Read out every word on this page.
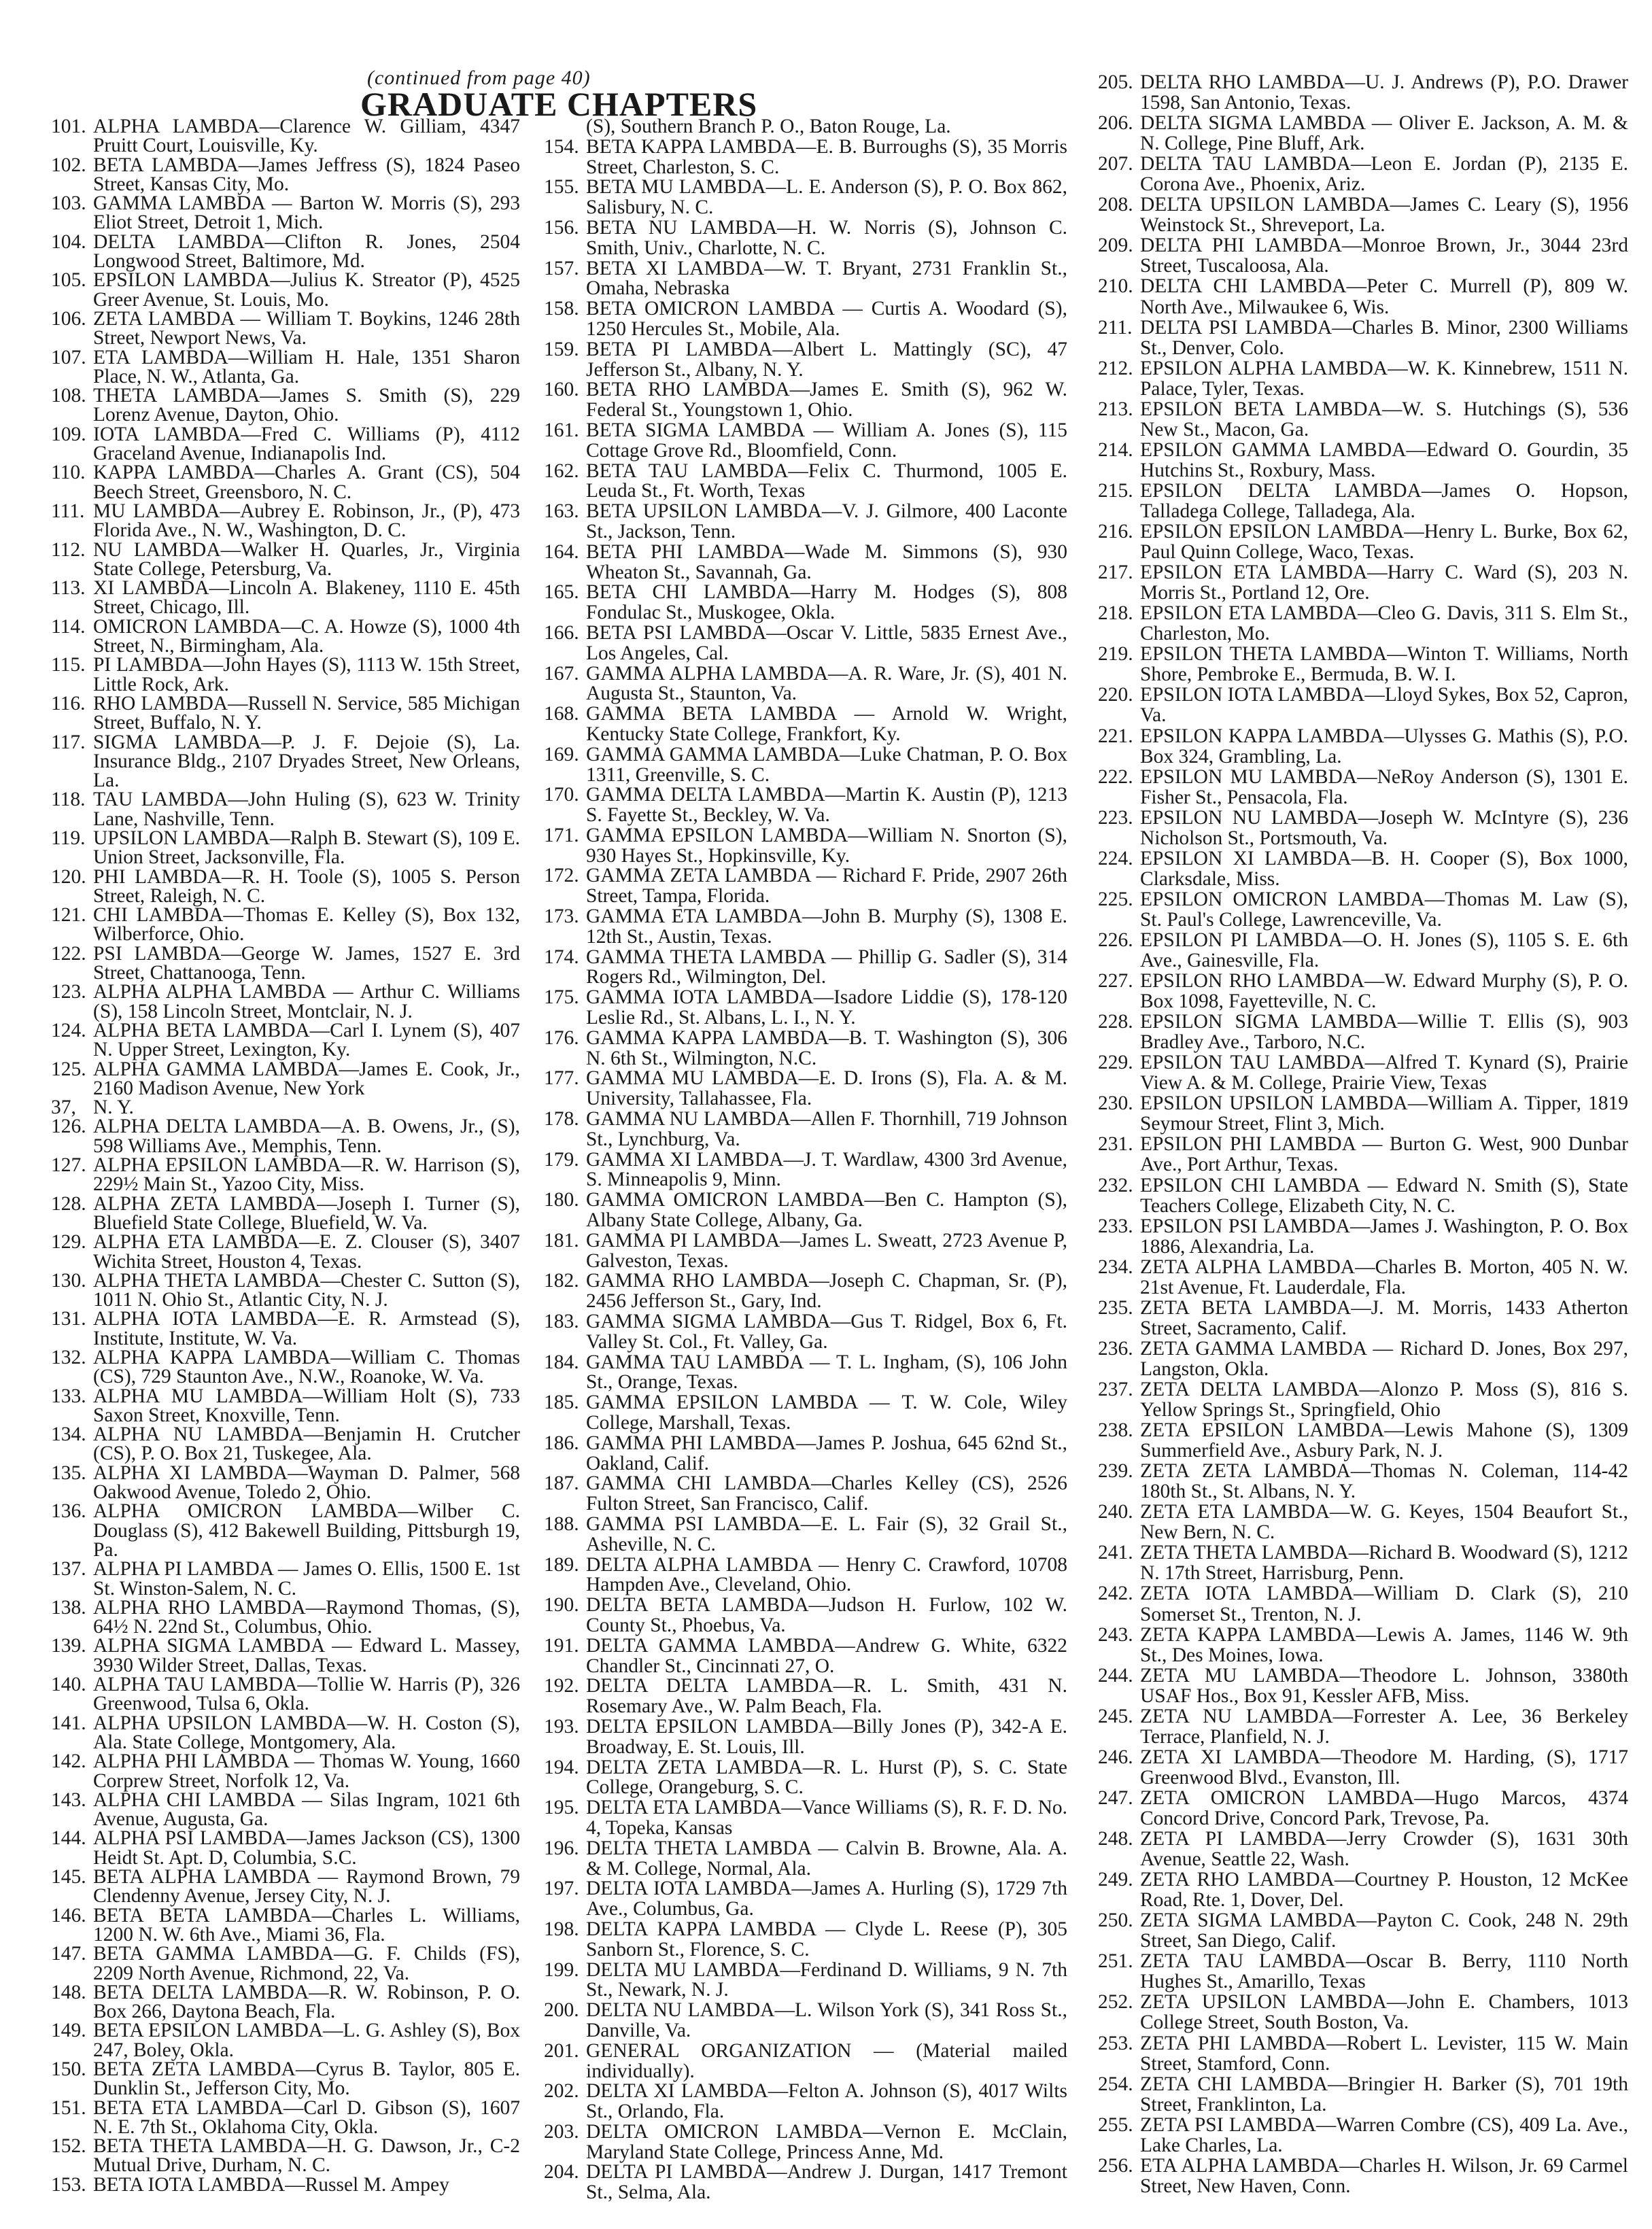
(continued from page 40)
GRADUATE CHAPTERS
101. ALPHA LAMBDA—Clarence W. Gilliam, 4347 Pruitt Court, Louisville, Ky.
102. BETA LAMBDA—James Jeffress (S), 1824 Paseo Street, Kansas City, Mo.
103. GAMMA LAMBDA — Barton W. Morris (S), 293 Eliot Street, Detroit 1, Mich.
104. DELTA LAMBDA—Clifton R. Jones, 2504 Longwood Street, Baltimore, Md.
105. EPSILON LAMBDA—Julius K. Streator (P), 4525 Greer Avenue, St. Louis, Mo.
106. ZETA LAMBDA — William T. Boykins, 1246 28th Street, Newport News, Va.
107. ETA LAMBDA—William H. Hale, 1351 Sharon Place, N. W., Atlanta, Ga.
108. THETA LAMBDA—James S. Smith (S), 229 Lorenz Avenue, Dayton, Ohio.
109. IOTA LAMBDA—Fred C. Williams (P), 4112 Graceland Avenue, Indianapolis Ind.
110. KAPPA LAMBDA—Charles A. Grant (CS), 504 Beech Street, Greensboro, N. C.
111. MU LAMBDA—Aubrey E. Robinson, Jr., (P), 473 Florida Ave., N. W., Washington, D. C.
112. NU LAMBDA—Walker H. Quarles, Jr., Virginia State College, Petersburg, Va.
113. XI LAMBDA—Lincoln A. Blakeney, 1110 E. 45th Street, Chicago, Ill.
114. OMICRON LAMBDA—C. A. Howze (S), 1000 4th Street, N., Birmingham, Ala.
115. PI LAMBDA—John Hayes (S), 1113 W. 15th Street, Little Rock, Ark.
116. RHO LAMBDA—Russell N. Service, 585 Michigan Street, Buffalo, N. Y.
117. SIGMA LAMBDA—P. J. F. Dejoie (S), La. Insurance Bldg., 2107 Dryades Street, New Orleans, La.
118. TAU LAMBDA—John Huling (S), 623 W. Trinity Lane, Nashville, Tenn.
119. UPSILON LAMBDA—Ralph B. Stewart (S), 109 E. Union Street, Jacksonville, Fla.
120. PHI LAMBDA—R. H. Toole (S), 1005 S. Person Street, Raleigh, N. C.
121. CHI LAMBDA—Thomas E. Kelley (S), Box 132, Wilberforce, Ohio.
122. PSI LAMBDA—George W. James, 1527 E. 3rd Street, Chattanooga, Tenn.
123. ALPHA ALPHA LAMBDA — Arthur C. Williams (S), 158 Lincoln Street, Montclair, N. J.
124. ALPHA BETA LAMBDA—Carl I. Lynem (S), 407 N. Upper Street, Lexington, Ky.
125. ALPHA GAMMA LAMBDA—James E. Cook, Jr., 2160 Madison Avenue, New York
37, N. Y.
126. ALPHA DELTA LAMBDA—A. B. Owens, Jr., (S), 598 Williams Ave., Memphis, Tenn.
127. ALPHA EPSILON LAMBDA—R. W. Harrison (S), 229½ Main St., Yazoo City, Miss.
128. ALPHA ZETA LAMBDA—Joseph I. Turner (S), Bluefield State College, Bluefield, W. Va.
129. ALPHA ETA LAMBDA—E. Z. Clouser (S), 3407 Wichita Street, Houston 4, Texas.
130. ALPHA THETA LAMBDA—Chester C. Sutton (S), 1011 N. Ohio St., Atlantic City, N. J.
131. ALPHA IOTA LAMBDA—E. R. Armstead (S), Institute, Institute, W. Va.
132. ALPHA KAPPA LAMBDA—William C. Thomas (CS), 729 Staunton Ave., N.W., Roanoke, W. Va.
133. ALPHA MU LAMBDA—William Holt (S), 733 Saxon Street, Knoxville, Tenn.
134. ALPHA NU LAMBDA—Benjamin H. Crutcher (CS), P. O. Box 21, Tuskegee, Ala.
135. ALPHA XI LAMBDA—Wayman D. Palmer, 568 Oakwood Avenue, Toledo 2, Ohio.
136. ALPHA OMICRON LAMBDA—Wilber C. Douglass (S), 412 Bakewell Building, Pittsburgh 19, Pa.
137. ALPHA PI LAMBDA — James O. Ellis, 1500 E. 1st St. Winston-Salem, N. C.
138. ALPHA RHO LAMBDA—Raymond Thomas, (S), 64½ N. 22nd St., Columbus, Ohio.
139. ALPHA SIGMA LAMBDA — Edward L. Massey, 3930 Wilder Street, Dallas, Texas.
140. ALPHA TAU LAMBDA—Tollie W. Harris (P), 326 Greenwood, Tulsa 6, Okla.
141. ALPHA UPSILON LAMBDA—W. H. Coston (S), Ala. State College, Montgomery, Ala.
142. ALPHA PHI LAMBDA — Thomas W. Young, 1660 Corprew Street, Norfolk 12, Va.
143. ALPHA CHI LAMBDA — Silas Ingram, 1021 6th Avenue, Augusta, Ga.
144. ALPHA PSI LAMBDA—James Jackson (CS), 1300 Heidt St. Apt. D, Columbia, S.C.
145. BETA ALPHA LAMBDA — Raymond Brown, 79 Clendenny Avenue, Jersey City, N. J.
146. BETA BETA LAMBDA—Charles L. Williams, 1200 N. W. 6th Ave., Miami 36, Fla.
147. BETA GAMMA LAMBDA—G. F. Childs (FS), 2209 North Avenue, Richmond, 22, Va.
148. BETA DELTA LAMBDA—R. W. Robinson, P. O. Box 266, Daytona Beach, Fla.
149. BETA EPSILON LAMBDA—L. G. Ashley (S), Box 247, Boley, Okla.
150. BETA ZETA LAMBDA—Cyrus B. Taylor, 805 E. Dunklin St., Jefferson City, Mo.
151. BETA ETA LAMBDA—Carl D. Gibson (S), 1607 N. E. 7th St., Oklahoma City, Okla.
152. BETA THETA LAMBDA—H. G. Dawson, Jr., C-2 Mutual Drive, Durham, N. C.
153. BETA IOTA LAMBDA—Russel M. Ampey
(S), Southern Branch P. O., Baton Rouge, La.
154. BETA KAPPA LAMBDA—E. B. Burroughs (S), 35 Morris Street, Charleston, S. C.
155. BETA MU LAMBDA—L. E. Anderson (S), P. O. Box 862, Salisbury, N. C.
156. BETA NU LAMBDA—H. W. Norris (S), Johnson C. Smith, Univ., Charlotte, N. C.
157. BETA XI LAMBDA—W. T. Bryant, 2731 Franklin St., Omaha, Nebraska
158. BETA OMICRON LAMBDA — Curtis A. Woodard (S), 1250 Hercules St., Mobile, Ala.
159. BETA PI LAMBDA—Albert L. Mattingly (SC), 47 Jefferson St., Albany, N. Y.
160. BETA RHO LAMBDA—James E. Smith (S), 962 W. Federal St., Youngstown 1, Ohio.
161. BETA SIGMA LAMBDA — William A. Jones (S), 115 Cottage Grove Rd., Bloomfield, Conn.
162. BETA TAU LAMBDA—Felix C. Thurmond, 1005 E. Leuda St., Ft. Worth, Texas
163. BETA UPSILON LAMBDA—V. J. Gilmore, 400 Laconte St., Jackson, Tenn.
164. BETA PHI LAMBDA—Wade M. Simmons (S), 930 Wheaton St., Savannah, Ga.
165. BETA CHI LAMBDA—Harry M. Hodges (S), 808 Fondulac St., Muskogee, Okla.
166. BETA PSI LAMBDA—Oscar V. Little, 5835 Ernest Ave., Los Angeles, Cal.
167. GAMMA ALPHA LAMBDA—A. R. Ware, Jr. (S), 401 N. Augusta St., Staunton, Va.
168. GAMMA BETA LAMBDA — Arnold W. Wright, Kentucky State College, Frankfort, Ky.
169. GAMMA GAMMA LAMBDA—Luke Chatman, P. O. Box 1311, Greenville, S. C.
170. GAMMA DELTA LAMBDA—Martin K. Austin (P), 1213 S. Fayette St., Beckley, W. Va.
171. GAMMA EPSILON LAMBDA—William N. Snorton (S), 930 Hayes St., Hopkinsville, Ky.
172. GAMMA ZETA LAMBDA — Richard F. Pride, 2907 26th Street, Tampa, Florida.
173. GAMMA ETA LAMBDA—John B. Murphy (S), 1308 E. 12th St., Austin, Texas.
174. GAMMA THETA LAMBDA — Phillip G. Sadler (S), 314 Rogers Rd., Wilmington, Del.
175. GAMMA IOTA LAMBDA—Isadore Liddie (S), 178-120 Leslie Rd., St. Albans, L. I., N. Y.
176. GAMMA KAPPA LAMBDA—B. T. Washington (S), 306 N. 6th St., Wilmington, N.C.
177. GAMMA MU LAMBDA—E. D. Irons (S), Fla. A. & M. University, Tallahassee, Fla.
178. GAMMA NU LAMBDA—Allen F. Thornhill, 719 Johnson St., Lynchburg, Va.
179. GAMMA XI LAMBDA—J. T. Wardlaw, 4300 3rd Avenue, S. Minneapolis 9, Minn.
180. GAMMA OMICRON LAMBDA—Ben C. Hampton (S), Albany State College, Albany, Ga.
181. GAMMA PI LAMBDA—James L. Sweatt, 2723 Avenue P, Galveston, Texas.
182. GAMMA RHO LAMBDA—Joseph C. Chapman, Sr. (P), 2456 Jefferson St., Gary, Ind.
183. GAMMA SIGMA LAMBDA—Gus T. Ridgel, Box 6, Ft. Valley St. Col., Ft. Valley, Ga.
184. GAMMA TAU LAMBDA — T. L. Ingham, (S), 106 John St., Orange, Texas.
185. GAMMA EPSILON LAMBDA — T. W. Cole, Wiley College, Marshall, Texas.
186. GAMMA PHI LAMBDA—James P. Joshua, 645 62nd St., Oakland, Calif.
187. GAMMA CHI LAMBDA—Charles Kelley (CS), 2526 Fulton Street, San Francisco, Calif.
188. GAMMA PSI LAMBDA—E. L. Fair (S), 32 Grail St., Asheville, N. C.
189. DELTA ALPHA LAMBDA — Henry C. Crawford, 10708 Hampden Ave., Cleveland, Ohio.
190. DELTA BETA LAMBDA—Judson H. Furlow, 102 W. County St., Phoebus, Va.
191. DELTA GAMMA LAMBDA—Andrew G. White, 6322 Chandler St., Cincinnati 27, O.
192. DELTA DELTA LAMBDA—R. L. Smith, 431 N. Rosemary Ave., W. Palm Beach, Fla.
193. DELTA EPSILON LAMBDA—Billy Jones (P), 342-A E. Broadway, E. St. Louis, Ill.
194. DELTA ZETA LAMBDA—R. L. Hurst (P), S. C. State College, Orangeburg, S. C.
195. DELTA ETA LAMBDA—Vance Williams (S), R. F. D. No. 4, Topeka, Kansas
196. DELTA THETA LAMBDA — Calvin B. Browne, Ala. A. & M. College, Normal, Ala.
197. DELTA IOTA LAMBDA—James A. Hurling (S), 1729 7th Ave., Columbus, Ga.
198. DELTA KAPPA LAMBDA — Clyde L. Reese (P), 305 Sanborn St., Florence, S. C.
199. DELTA MU LAMBDA—Ferdinand D. Williams, 9 N. 7th St., Newark, N. J.
200. DELTA NU LAMBDA—L. Wilson York (S), 341 Ross St., Danville, Va.
201. GENERAL ORGANIZATION — (Material mailed individually).
202. DELTA XI LAMBDA—Felton A. Johnson (S), 4017 Wilts St., Orlando, Fla.
203. DELTA OMICRON LAMBDA—Vernon E. McClain, Maryland State College, Princess Anne, Md.
204. DELTA PI LAMBDA—Andrew J. Durgan, 1417 Tremont St., Selma, Ala.
205. DELTA RHO LAMBDA—U. J. Andrews (P), P.O. Drawer 1598, San Antonio, Texas.
206. DELTA SIGMA LAMBDA — Oliver E. Jackson, A. M. & N. College, Pine Bluff, Ark.
207. DELTA TAU LAMBDA—Leon E. Jordan (P), 2135 E. Corona Ave., Phoenix, Ariz.
208. DELTA UPSILON LAMBDA—James C. Leary (S), 1956 Weinstock St., Shreveport, La.
209. DELTA PHI LAMBDA—Monroe Brown, Jr., 3044 23rd Street, Tuscaloosa, Ala.
210. DELTA CHI LAMBDA—Peter C. Murrell (P), 809 W. North Ave., Milwaukee 6, Wis.
211. DELTA PSI LAMBDA—Charles B. Minor, 2300 Williams St., Denver, Colo.
212. EPSILON ALPHA LAMBDA—W. K. Kinnebrew, 1511 N. Palace, Tyler, Texas.
213. EPSILON BETA LAMBDA—W. S. Hutchings (S), 536 New St., Macon, Ga.
214. EPSILON GAMMA LAMBDA—Edward O. Gourdin, 35 Hutchins St., Roxbury, Mass.
215. EPSILON DELTA LAMBDA—James O. Hopson, Talladega College, Talladega, Ala.
216. EPSILON EPSILON LAMBDA—Henry L. Burke, Box 62, Paul Quinn College, Waco, Texas.
217. EPSILON ETA LAMBDA—Harry C. Ward (S), 203 N. Morris St., Portland 12, Ore.
218. EPSILON ETA LAMBDA—Cleo G. Davis, 311 S. Elm St., Charleston, Mo.
219. EPSILON THETA LAMBDA—Winton T. Williams, North Shore, Pembroke E., Bermuda, B. W. I.
220. EPSILON IOTA LAMBDA—Lloyd Sykes, Box 52, Capron, Va.
221. EPSILON KAPPA LAMBDA—Ulysses G. Mathis (S), P.O. Box 324, Grambling, La.
222. EPSILON MU LAMBDA—NeRoy Anderson (S), 1301 E. Fisher St., Pensacola, Fla.
223. EPSILON NU LAMBDA—Joseph W. McIntyre (S), 236 Nicholson St., Portsmouth, Va.
224. EPSILON XI LAMBDA—B. H. Cooper (S), Box 1000, Clarksdale, Miss.
225. EPSILON OMICRON LAMBDA—Thomas M. Law (S), St. Paul's College, Lawrenceville, Va.
226. EPSILON PI LAMBDA—O. H. Jones (S), 1105 S. E. 6th Ave., Gainesville, Fla.
227. EPSILON RHO LAMBDA—W. Edward Murphy (S), P. O. Box 1098, Fayetteville, N. C.
228. EPSILON SIGMA LAMBDA—Willie T. Ellis (S), 903 Bradley Ave., Tarboro, N.C.
229. EPSILON TAU LAMBDA—Alfred T. Kynard (S), Prairie View A. & M. College, Prairie View, Texas
230. EPSILON UPSILON LAMBDA—William A. Tipper, 1819 Seymour Street, Flint 3, Mich.
231. EPSILON PHI LAMBDA — Burton G. West, 900 Dunbar Ave., Port Arthur, Texas.
232. EPSILON CHI LAMBDA — Edward N. Smith (S), State Teachers College, Elizabeth City, N. C.
233. EPSILON PSI LAMBDA—James J. Washington, P. O. Box 1886, Alexandria, La.
234. ZETA ALPHA LAMBDA—Charles B. Morton, 405 N. W. 21st Avenue, Ft. Lauderdale, Fla.
235. ZETA BETA LAMBDA—J. M. Morris, 1433 Atherton Street, Sacramento, Calif.
236. ZETA GAMMA LAMBDA — Richard D. Jones, Box 297, Langston, Okla.
237. ZETA DELTA LAMBDA—Alonzo P. Moss (S), 816 S. Yellow Springs St., Springfield, Ohio
238. ZETA EPSILON LAMBDA—Lewis Mahone (S), 1309 Summerfield Ave., Asbury Park, N. J.
239. ZETA ZETA LAMBDA—Thomas N. Coleman, 114-42 180th St., St. Albans, N. Y.
240. ZETA ETA LAMBDA—W. G. Keyes, 1504 Beaufort St., New Bern, N. C.
241. ZETA THETA LAMBDA—Richard B. Woodward (S), 1212 N. 17th Street, Harrisburg, Penn.
242. ZETA IOTA LAMBDA—William D. Clark (S), 210 Somerset St., Trenton, N. J.
243. ZETA KAPPA LAMBDA—Lewis A. James, 1146 W. 9th St., Des Moines, Iowa.
244. ZETA MU LAMBDA—Theodore L. Johnson, 3380th USAF Hos., Box 91, Kessler AFB, Miss.
245. ZETA NU LAMBDA—Forrester A. Lee, 36 Berkeley Terrace, Planfield, N. J.
246. ZETA XI LAMBDA—Theodore M. Harding, (S), 1717 Greenwood Blvd., Evanston, Ill.
247. ZETA OMICRON LAMBDA—Hugo Marcos, 4374 Concord Drive, Concord Park, Trevose, Pa.
248. ZETA PI LAMBDA—Jerry Crowder (S), 1631 30th Avenue, Seattle 22, Wash.
249. ZETA RHO LAMBDA—Courtney P. Houston, 12 McKee Road, Rte. 1, Dover, Del.
250. ZETA SIGMA LAMBDA—Payton C. Cook, 248 N. 29th Street, San Diego, Calif.
251. ZETA TAU LAMBDA—Oscar B. Berry, 1110 North Hughes St., Amarillo, Texas
252. ZETA UPSILON LAMBDA—John E. Chambers, 1013 College Street, South Boston, Va.
253. ZETA PHI LAMBDA—Robert L. Levister, 115 W. Main Street, Stamford, Conn.
254. ZETA CHI LAMBDA—Bringier H. Barker (S), 701 19th Street, Franklinton, La.
255. ZETA PSI LAMBDA—Warren Combre (CS), 409 La. Ave., Lake Charles, La.
256. ETA ALPHA LAMBDA—Charles H. Wilson, Jr. 69 Carmel Street, New Haven, Conn.
